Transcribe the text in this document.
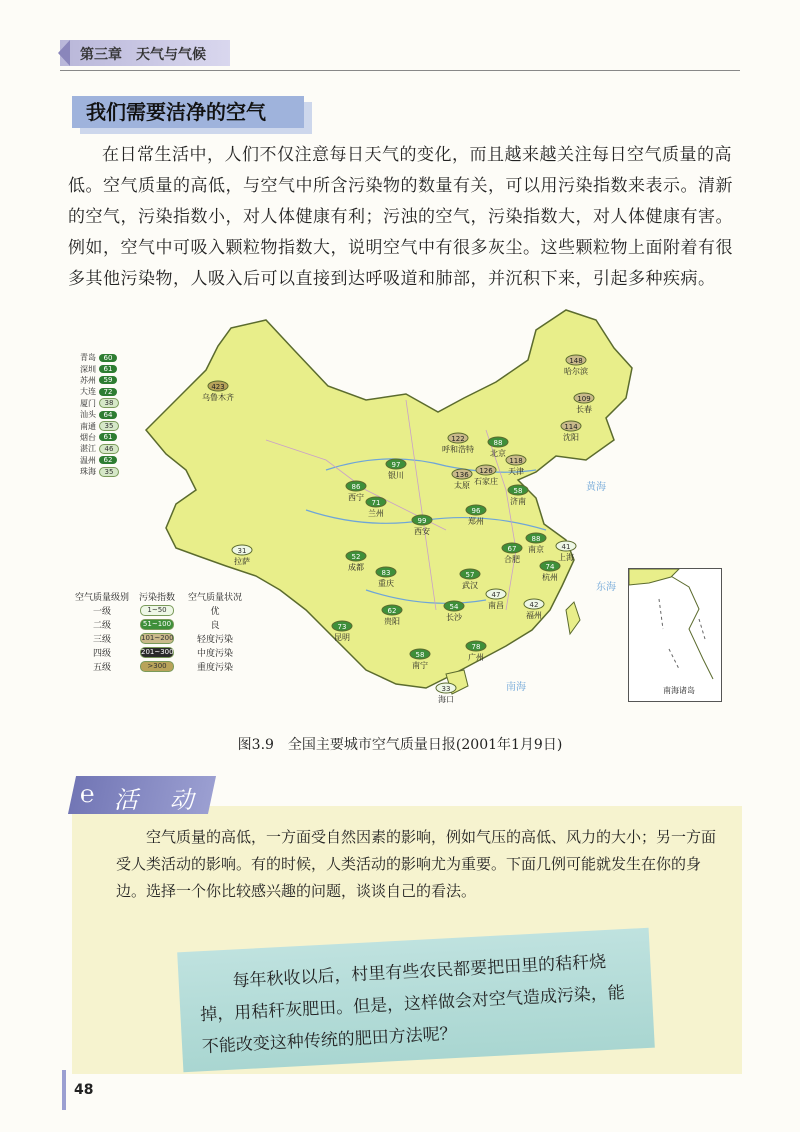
第三章　天气与气候
我们需要洁净的空气

在日常生活中，人们不仅注意每日天气的变化，而且越来越关注每日空气质量的高低。空气质量的高低，与空气中所含污染物的数量有关，可以用污染指数来表示。清新的空气，污染指数小，对人体健康有利；污浊的空气，污染指数大，对人体健康有害。例如，空气中可吸入颗粒物指数大，说明空气中有很多灰尘。这些颗粒物上面附着有很多其他污染物，人吸入后可以直接到达呼吸道和肺部，并沉积下来，引起多种疾病。

423
乌鲁木齐
148
哈尔滨
109
长春
114
沈阳
122
呼和浩特
88
北京
118
天津
126
石家庄
136
太原
97
银川
86
西宁
71
兰州
58
济南
99
西安
96
郑州
31
拉萨	52
成都
83
重庆
57
武汉
67
合肥
88
南京	41
上海
74
杭州
54
长沙
47
南昌	42
福州
62
贵阳
73
昆明
78
广州
58
南宁
33
海口
黄海
东海
南海	南海诸岛
青岛	60
深圳	61
苏州	59
大连	72
厦门	38
汕头	64
南通	35
烟台	61
湛江	46
温州	62
珠海	35
空气质量级别	污染指数	空气质量状况
一级	1~50	优
二级	51~100	良
三级	101~200	轻度污染
四级	201~300	中度污染
五级	>300	重度污染
图3.9　全国主要城市空气质量日报(2001年1月9日)
℮ 活 动

空气质量的高低，一方面受自然因素的影响，例如气压的高低、风力的大小；另一方面受人类活动的影响。有的时候，人类活动的影响尤为重要。下面几例可能就发生在你的身边。选择一个你比较感兴趣的问题，谈谈自己的看法。

每年秋收以后，村里有些农民都要把田里的秸秆烧掉，用秸秆灰肥田。但是，这样做会对空气造成污染，能不能改变这种传统的肥田方法呢？

48
